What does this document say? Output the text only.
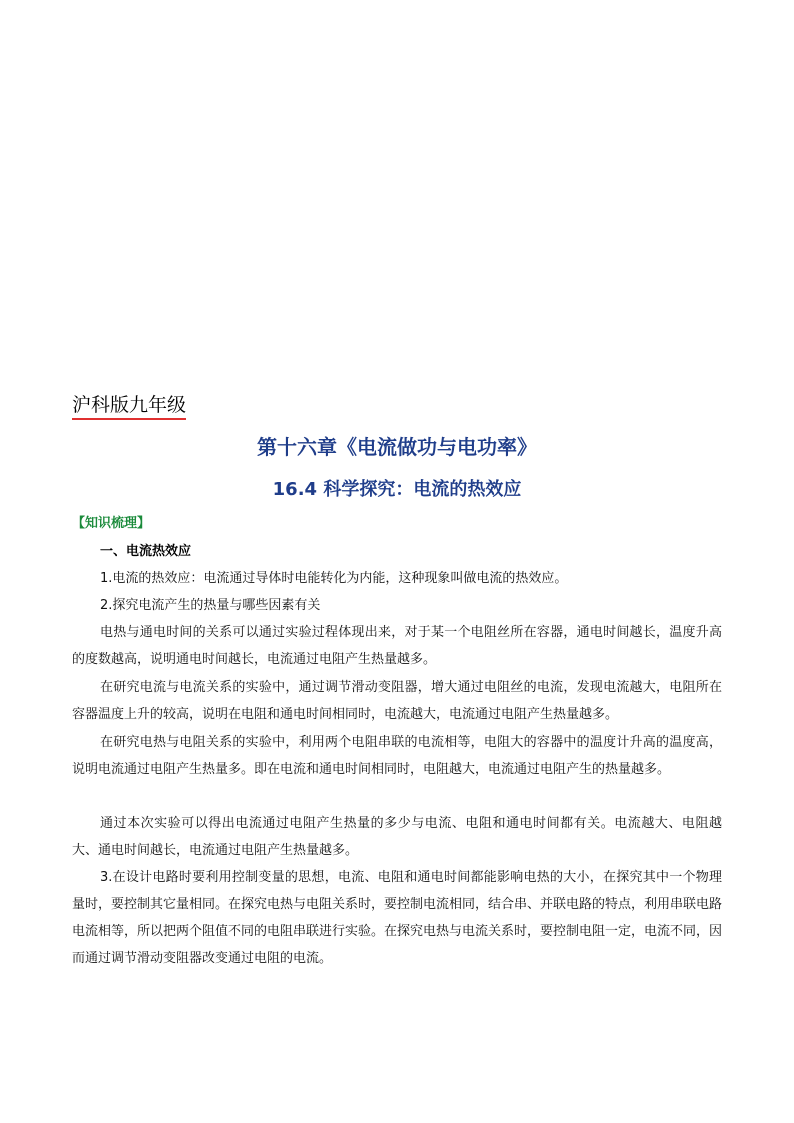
沪科版九年级
第十六章《电流做功与电功率》
16.4 科学探究：电流的热效应
【知识梳理】
一、电流热效应

1.电流的热效应：电流通过导体时电能转化为内能，这种现象叫做电流的热效应。

2.探究电流产生的热量与哪些因素有关

电热与通电时间的关系可以通过实验过程体现出来，对于某一个电阻丝所在容器，通电时间越长，温度升高的度数越高，说明通电时间越长，电流通过电阻产生热量越多。

在研究电流与电流关系的实验中，通过调节滑动变阻器，增大通过电阻丝的电流，发现电流越大，电阻所在容器温度上升的较高，说明在电阻和通电时间相同时，电流越大，电流通过电阻产生热量越多。

在研究电热与电阻关系的实验中，利用两个电阻串联的电流相等，电阻大的容器中的温度计升高的温度高，说明电流通过电阻产生热量多。即在电流和通电时间相同时，电阻越大，电流通过电阻产生的热量越多。

通过本次实验可以得出电流通过电阻产生热量的多少与电流、电阻和通电时间都有关。电流越大、电阻越大、通电时间越长，电流通过电阻产生热量越多。

3.在设计电路时要利用控制变量的思想，电流、电阻和通电时间都能影响电热的大小，在探究其中一个物理量时，要控制其它量相同。在探究电热与电阻关系时，要控制电流相同，结合串、并联电路的特点，利用串联电路电流相等，所以把两个阻值不同的电阻串联进行实验。在探究电热与电流关系时，要控制电阻一定，电流不同，因而通过调节滑动变阻器改变通过电阻的电流。
